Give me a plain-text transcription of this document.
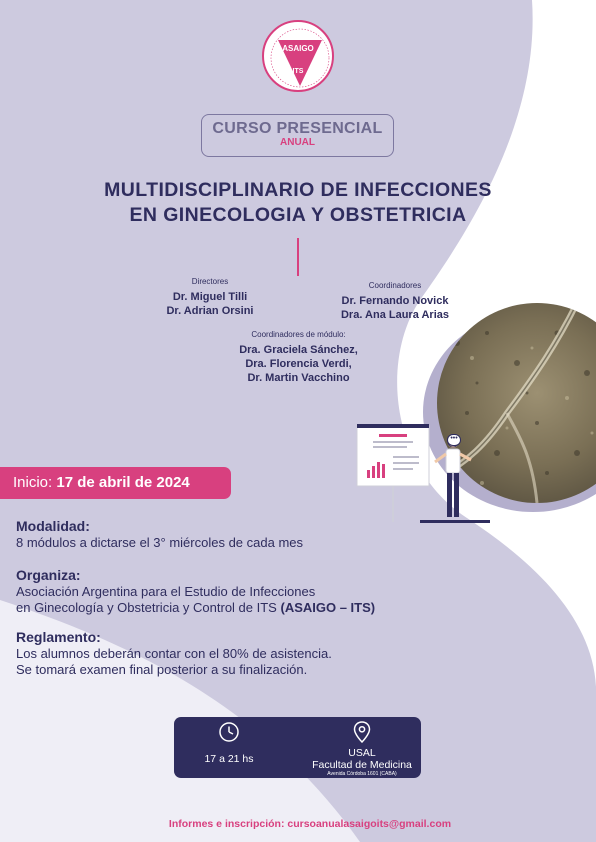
ASAIGO
ITS
CURSO PRESENCIAL
ANUAL
MULTIDISCIPLINARIO DE INFECCIONES
EN GINECOLOGIA Y OBSTETRICIA
Directores
Dr. Miguel Tilli
Dr. Adrian Orsini
Coordinadores
Dr. Fernando Novick
Dra. Ana Laura Arias
Coordinadores de módulo:
Dra. Graciela Sánchez,
Dra. Florencia Verdi,
Dr. Martin Vacchino
•••
Inicio: 17 de abril de 2024
Modalidad:

8 módulos a dictarse el 3° miércoles de cada mes

Organiza:

Asociación Argentina para el Estudio de Infecciones

en Ginecología y Obstetricia y Control de ITS (ASAIGO – ITS)

Reglamento:

Los alumnos deberán contar con el 80% de asistencia.

Se tomará examen final posterior a su finalización.

17 a 21 hs	USAL
Facultad de Medicina
Avenida Córdoba 1601 (CABA)
Informes e inscripción: cursoanualasaigoits@gmail.com
